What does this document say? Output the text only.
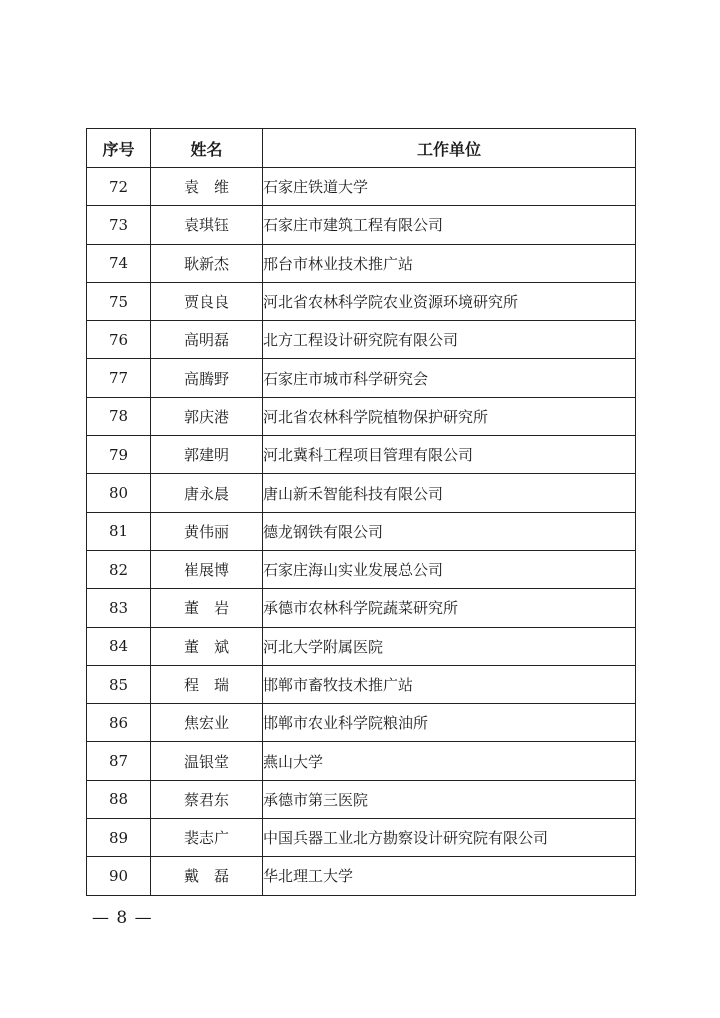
序号	姓名	工作单位
72	袁　维	石家庄铁道大学
73	袁琪钰	石家庄市建筑工程有限公司
74	耿新杰	邢台市林业技术推广站
75	贾良良	河北省农林科学院农业资源环境研究所
76	高明磊	北方工程设计研究院有限公司
77	高腾野	石家庄市城市科学研究会
78	郭庆港	河北省农林科学院植物保护研究所
79	郭建明	河北冀科工程项目管理有限公司
80	唐永晨	唐山新禾智能科技有限公司
81	黄伟丽	德龙钢铁有限公司
82	崔展博	石家庄海山实业发展总公司
83	董　岩	承德市农林科学院蔬菜研究所
84	董　斌	河北大学附属医院
85	程　瑞	邯郸市畜牧技术推广站
86	焦宏业	邯郸市农业科学院粮油所
87	温银堂	燕山大学
88	蔡君东	承德市第三医院
89	裴志广	中国兵器工业北方勘察设计研究院有限公司
90	戴　磊	华北理工大学
— 8 —
